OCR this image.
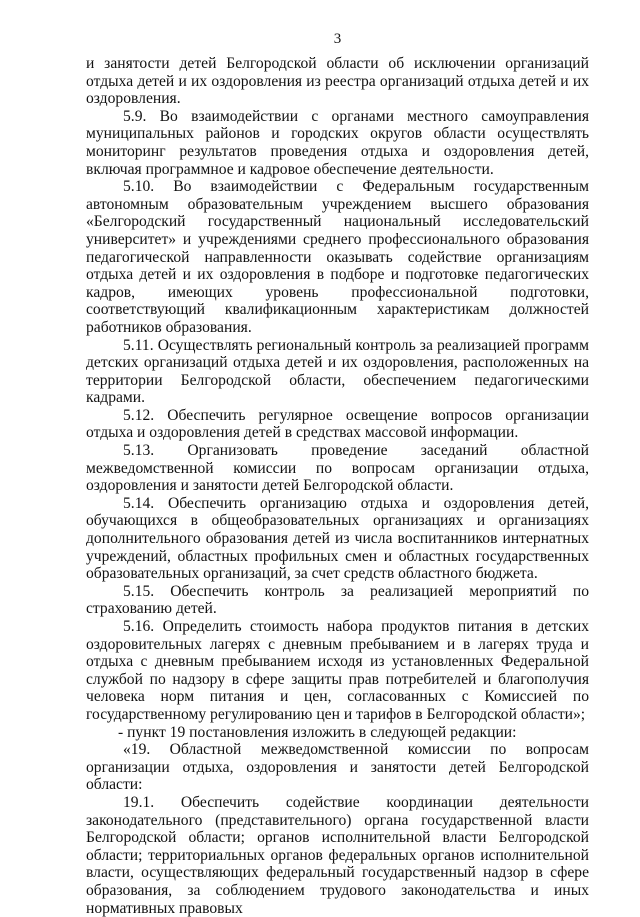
3

и занятости детей Белгородской области об исключении организаций отдыха детей и их оздоровления из реестра организаций отдыха детей и их оздоровления.

5.9. Во взаимодействии с органами местного самоуправления муниципальных районов и городских округов области осуществлять мониторинг результатов проведения отдыха и оздоровления детей, включая программное и кадровое обеспечение деятельности.

5.10. Во взаимодействии с Федеральным государственным автономным образовательным учреждением высшего образования «Белгородский государственный национальный исследовательский университет» и учреждениями среднего профессионального образования педагогической направленности оказывать содействие организациям отдыха детей и их оздоровления в подборе и подготовке педагогических кадров, имеющих уровень профессиональной подготовки, соответствующий квалификационным характеристикам должностей работников образования.

5.11. Осуществлять региональный контроль за реализацией программ детских организаций отдыха детей и их оздоровления, расположенных на территории Белгородской области, обеспечением педагогическими кадрами.

5.12. Обеспечить регулярное освещение вопросов организации отдыха и оздоровления детей в средствах массовой информации.

5.13. Организовать проведение заседаний областной межведомственной комиссии по вопросам организации отдыха, оздоровления и занятости детей Белгородской области.

5.14. Обеспечить организацию отдыха и оздоровления детей, обучающихся в общеобразовательных организациях и организациях дополнительного образования детей из числа воспитанников интернатных учреждений, областных профильных смен и областных государственных образовательных организаций, за счет средств областного бюджета.

5.15. Обеспечить контроль за реализацией мероприятий по страхованию детей.

5.16. Определить стоимость набора продуктов питания в детских оздоровительных лагерях с дневным пребыванием и в лагерях труда и отдыха с дневным пребыванием исходя из установленных Федеральной службой по надзору в сфере защиты прав потребителей и благополучия человека норм питания и цен, согласованных с Комиссией по государственному регулированию цен и тарифов в Белгородской области»;

- пункт 19 постановления изложить в следующей редакции:

«19. Областной межведомственной комиссии по вопросам организации отдыха, оздоровления и занятости детей Белгородской области:

19.1. Обеспечить содействие координации деятельности законодательного (представительного) органа государственной власти Белгородской области; органов исполнительной власти Белгородской области; территориальных органов федеральных органов исполнительной власти, осуществляющих федеральный государственный надзор в сфере образования, за соблюдением трудового законодательства и иных нормативных правовых
